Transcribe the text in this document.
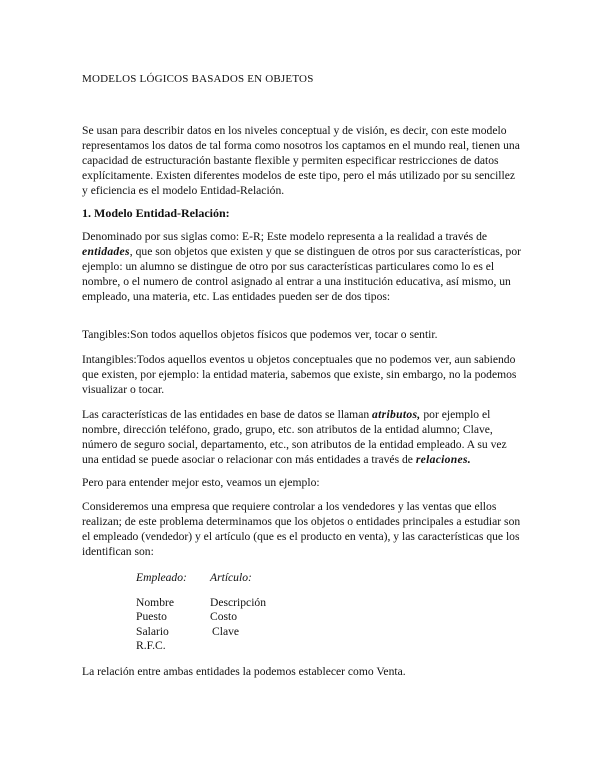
MODELOS LÓGICOS BASADOS EN OBJETOS

Se usan para describir datos en los niveles conceptual y de visión, es decir, con este modelo representamos los datos de tal forma como nosotros los captamos en el mundo real, tienen una capacidad de estructuración bastante flexible y permiten especificar restricciones de datos explícitamente. Existen diferentes modelos de este tipo, pero el más utilizado por su sencillez y eficiencia es el modelo Entidad-Relación.

1. Modelo Entidad-Relación:

Denominado por sus siglas como: E-R; Este modelo representa a la realidad a través de entidades, que son objetos que existen y que se distinguen de otros por sus características, por ejemplo: un alumno se distingue de otro por sus características particulares como lo es el nombre, o el numero de control asignado al entrar a una institución educativa, así mismo, un empleado, una materia, etc. Las entidades pueden ser de dos tipos:

Tangibles:Son todos aquellos objetos físicos que podemos ver, tocar o sentir.

Intangibles:Todos aquellos eventos u objetos conceptuales que no podemos ver, aun sabiendo que existen, por ejemplo: la entidad materia, sabemos que existe, sin embargo, no la podemos visualizar o tocar.

Las características de las entidades en base de datos se llaman atributos, por ejemplo el nombre, dirección teléfono, grado, grupo, etc. son atributos de la entidad alumno; Clave, número de seguro social, departamento, etc., son atributos de la entidad empleado. A su vez una entidad se puede asociar o relacionar con más entidades a través de relaciones.

Pero para entender mejor esto, veamos un ejemplo:

Consideremos una empresa que requiere controlar a los vendedores y las ventas que ellos realizan; de este problema determinamos que los objetos o entidades principales a estudiar son el empleado (vendedor) y el artículo (que es el producto en venta), y las características que los identifican son:

Empleado: Artículo:
Nombre
Puesto
Salario
R.F.C.
Descripción
Costo
Clave

La relación entre ambas entidades la podemos establecer como Venta.
